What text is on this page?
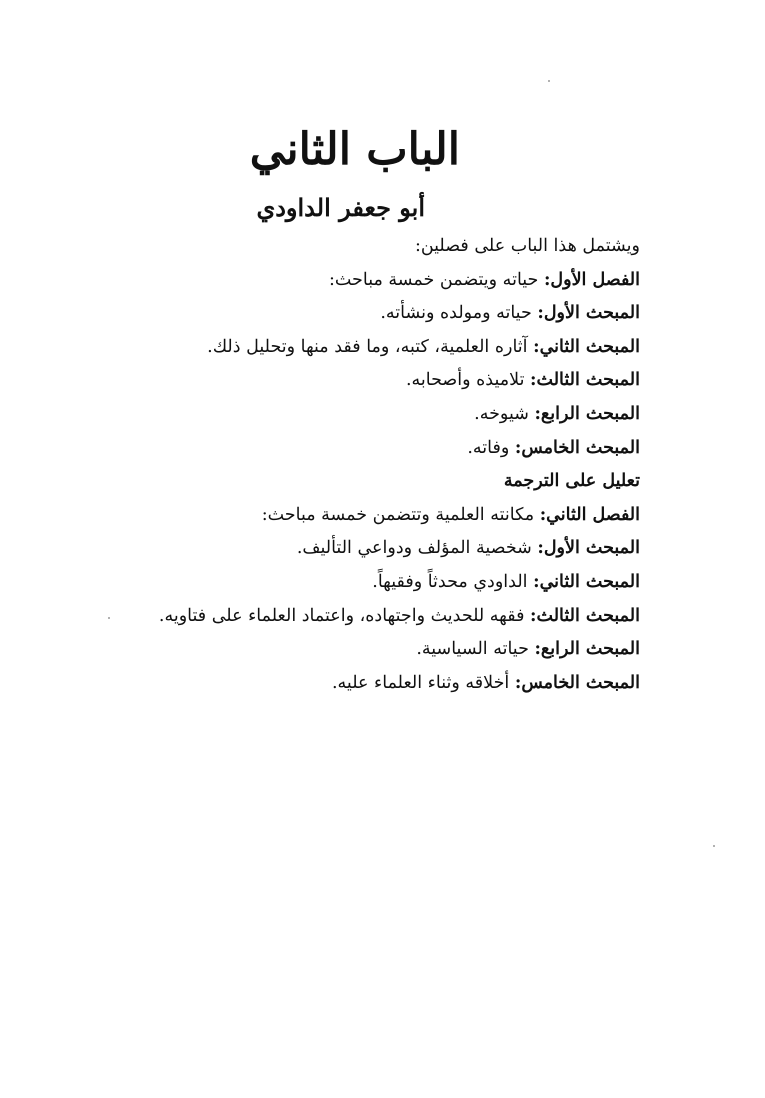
الباب الثاني
أبو جعفر الداودي
ويشتمل هذا الباب على فصلين:
الفصل الأول: حياته ويتضمن خمسة مباحث:
المبحث الأول: حياته ومولده ونشأته.
المبحث الثاني: آثاره العلمية، كتبه، وما فقد منها وتحليل ذلك.
المبحث الثالث: تلاميذه وأصحابه.
المبحث الرابع: شيوخه.
المبحث الخامس: وفاته.
تعليل على الترجمة
الفصل الثاني: مكانته العلمية وتتضمن خمسة مباحث:
المبحث الأول: شخصية المؤلف ودواعي التأليف.
المبحث الثاني: الداودي محدثاً وفقيهاً.
المبحث الثالث: فقهه للحديث واجتهاده، واعتماد العلماء على فتاويه.
المبحث الرابع: حياته السياسية.
المبحث الخامس: أخلاقه وثناء العلماء عليه.
